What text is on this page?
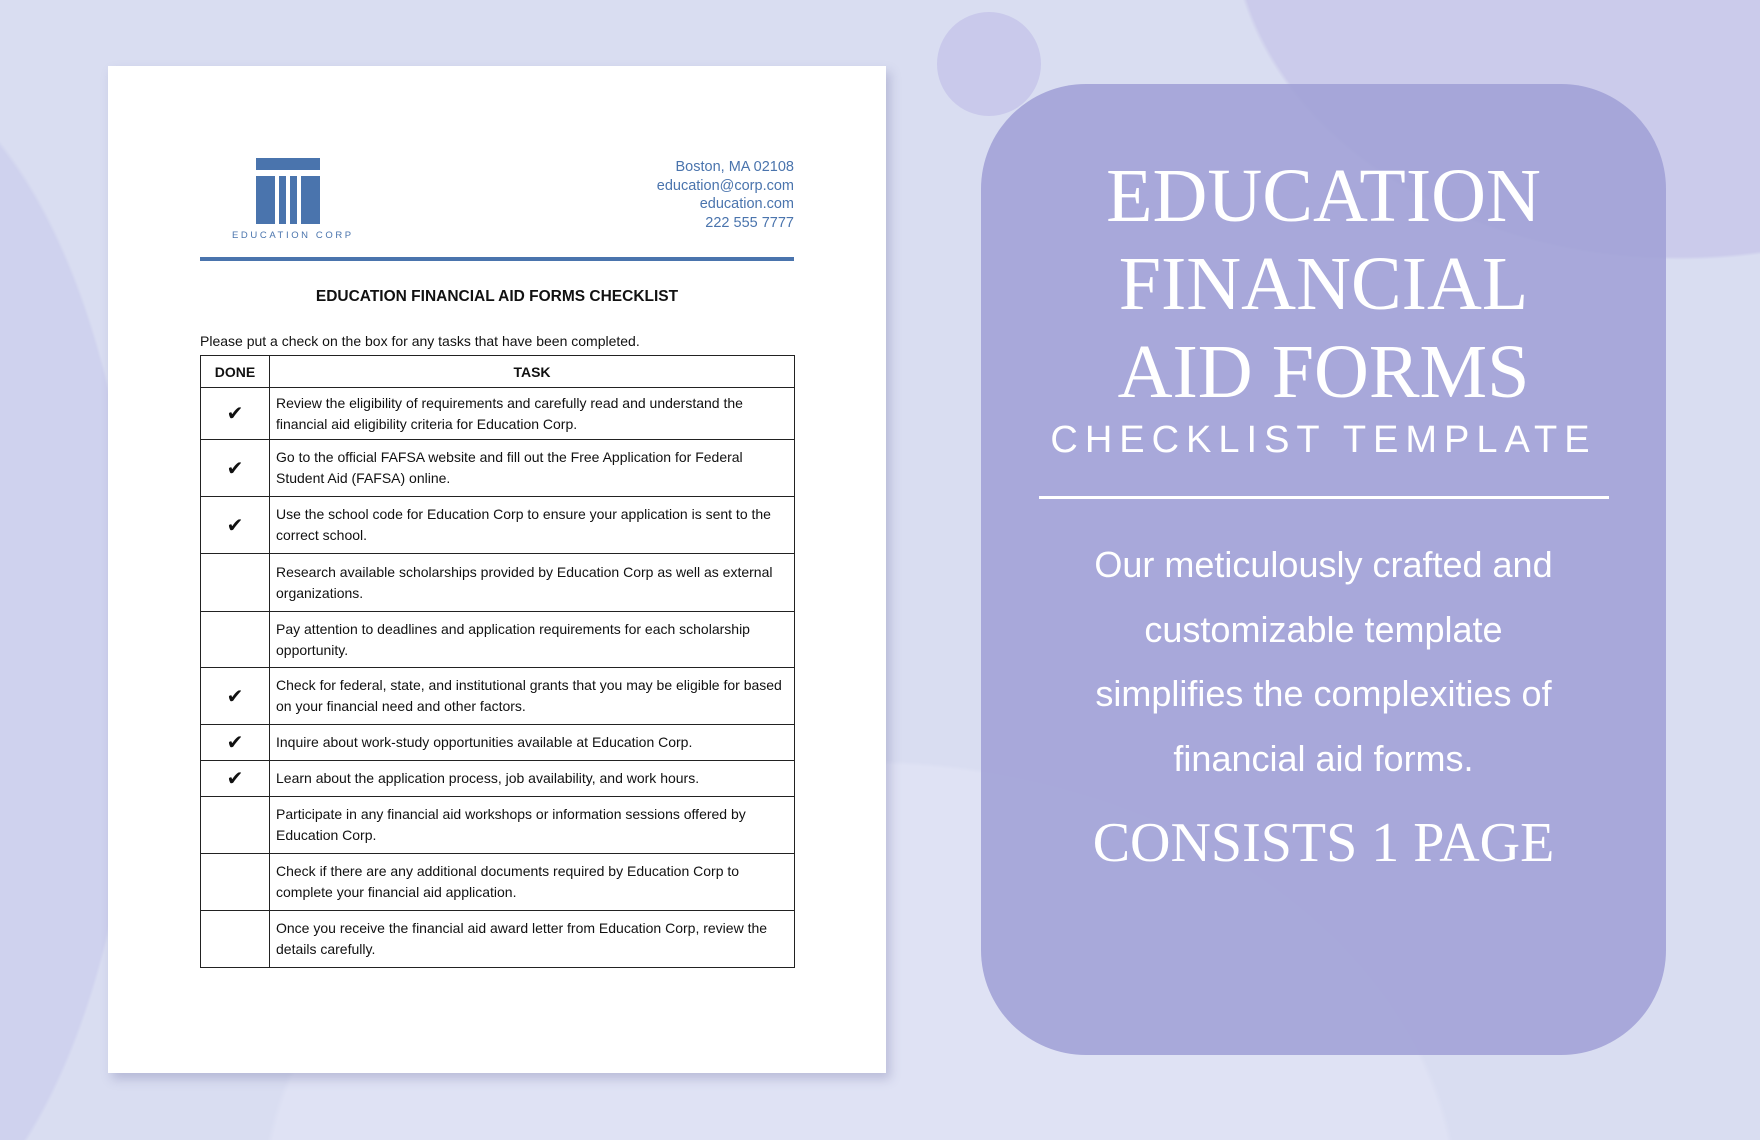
EDUCATION CORP
Boston, MA 02108
education@corp.com
education.com
222 555 7777
EDUCATION FINANCIAL AID FORMS CHECKLIST
Please put a check on the box for any tasks that have been completed.
DONE	TASK
✔	Review the eligibility of requirements and carefully read and understand the financial aid eligibility criteria for Education Corp.
✔	Go to the official FAFSA website and fill out the Free Application for Federal Student Aid (FAFSA) online.
✔	Use the school code for Education Corp to ensure your application is sent to the correct school.
	Research available scholarships provided by Education Corp as well as external organizations.
	Pay attention to deadlines and application requirements for each scholarship opportunity.
✔	Check for federal, state, and institutional grants that you may be eligible for based on your financial need and other factors.
✔	Inquire about work-study opportunities available at Education Corp.
✔	Learn about the application process, job availability, and work hours.
	Participate in any financial aid workshops or information sessions offered by Education Corp.
	Check if there are any additional documents required by Education Corp to complete your financial aid application.
	Once you receive the financial aid award letter from Education Corp, review the details carefully.
EDUCATION
FINANCIAL
AID FORMS
CHECKLIST TEMPLATE
Our meticulously crafted and customizable template simplifies the complexities of financial aid forms.
CONSISTS 1 PAGE
